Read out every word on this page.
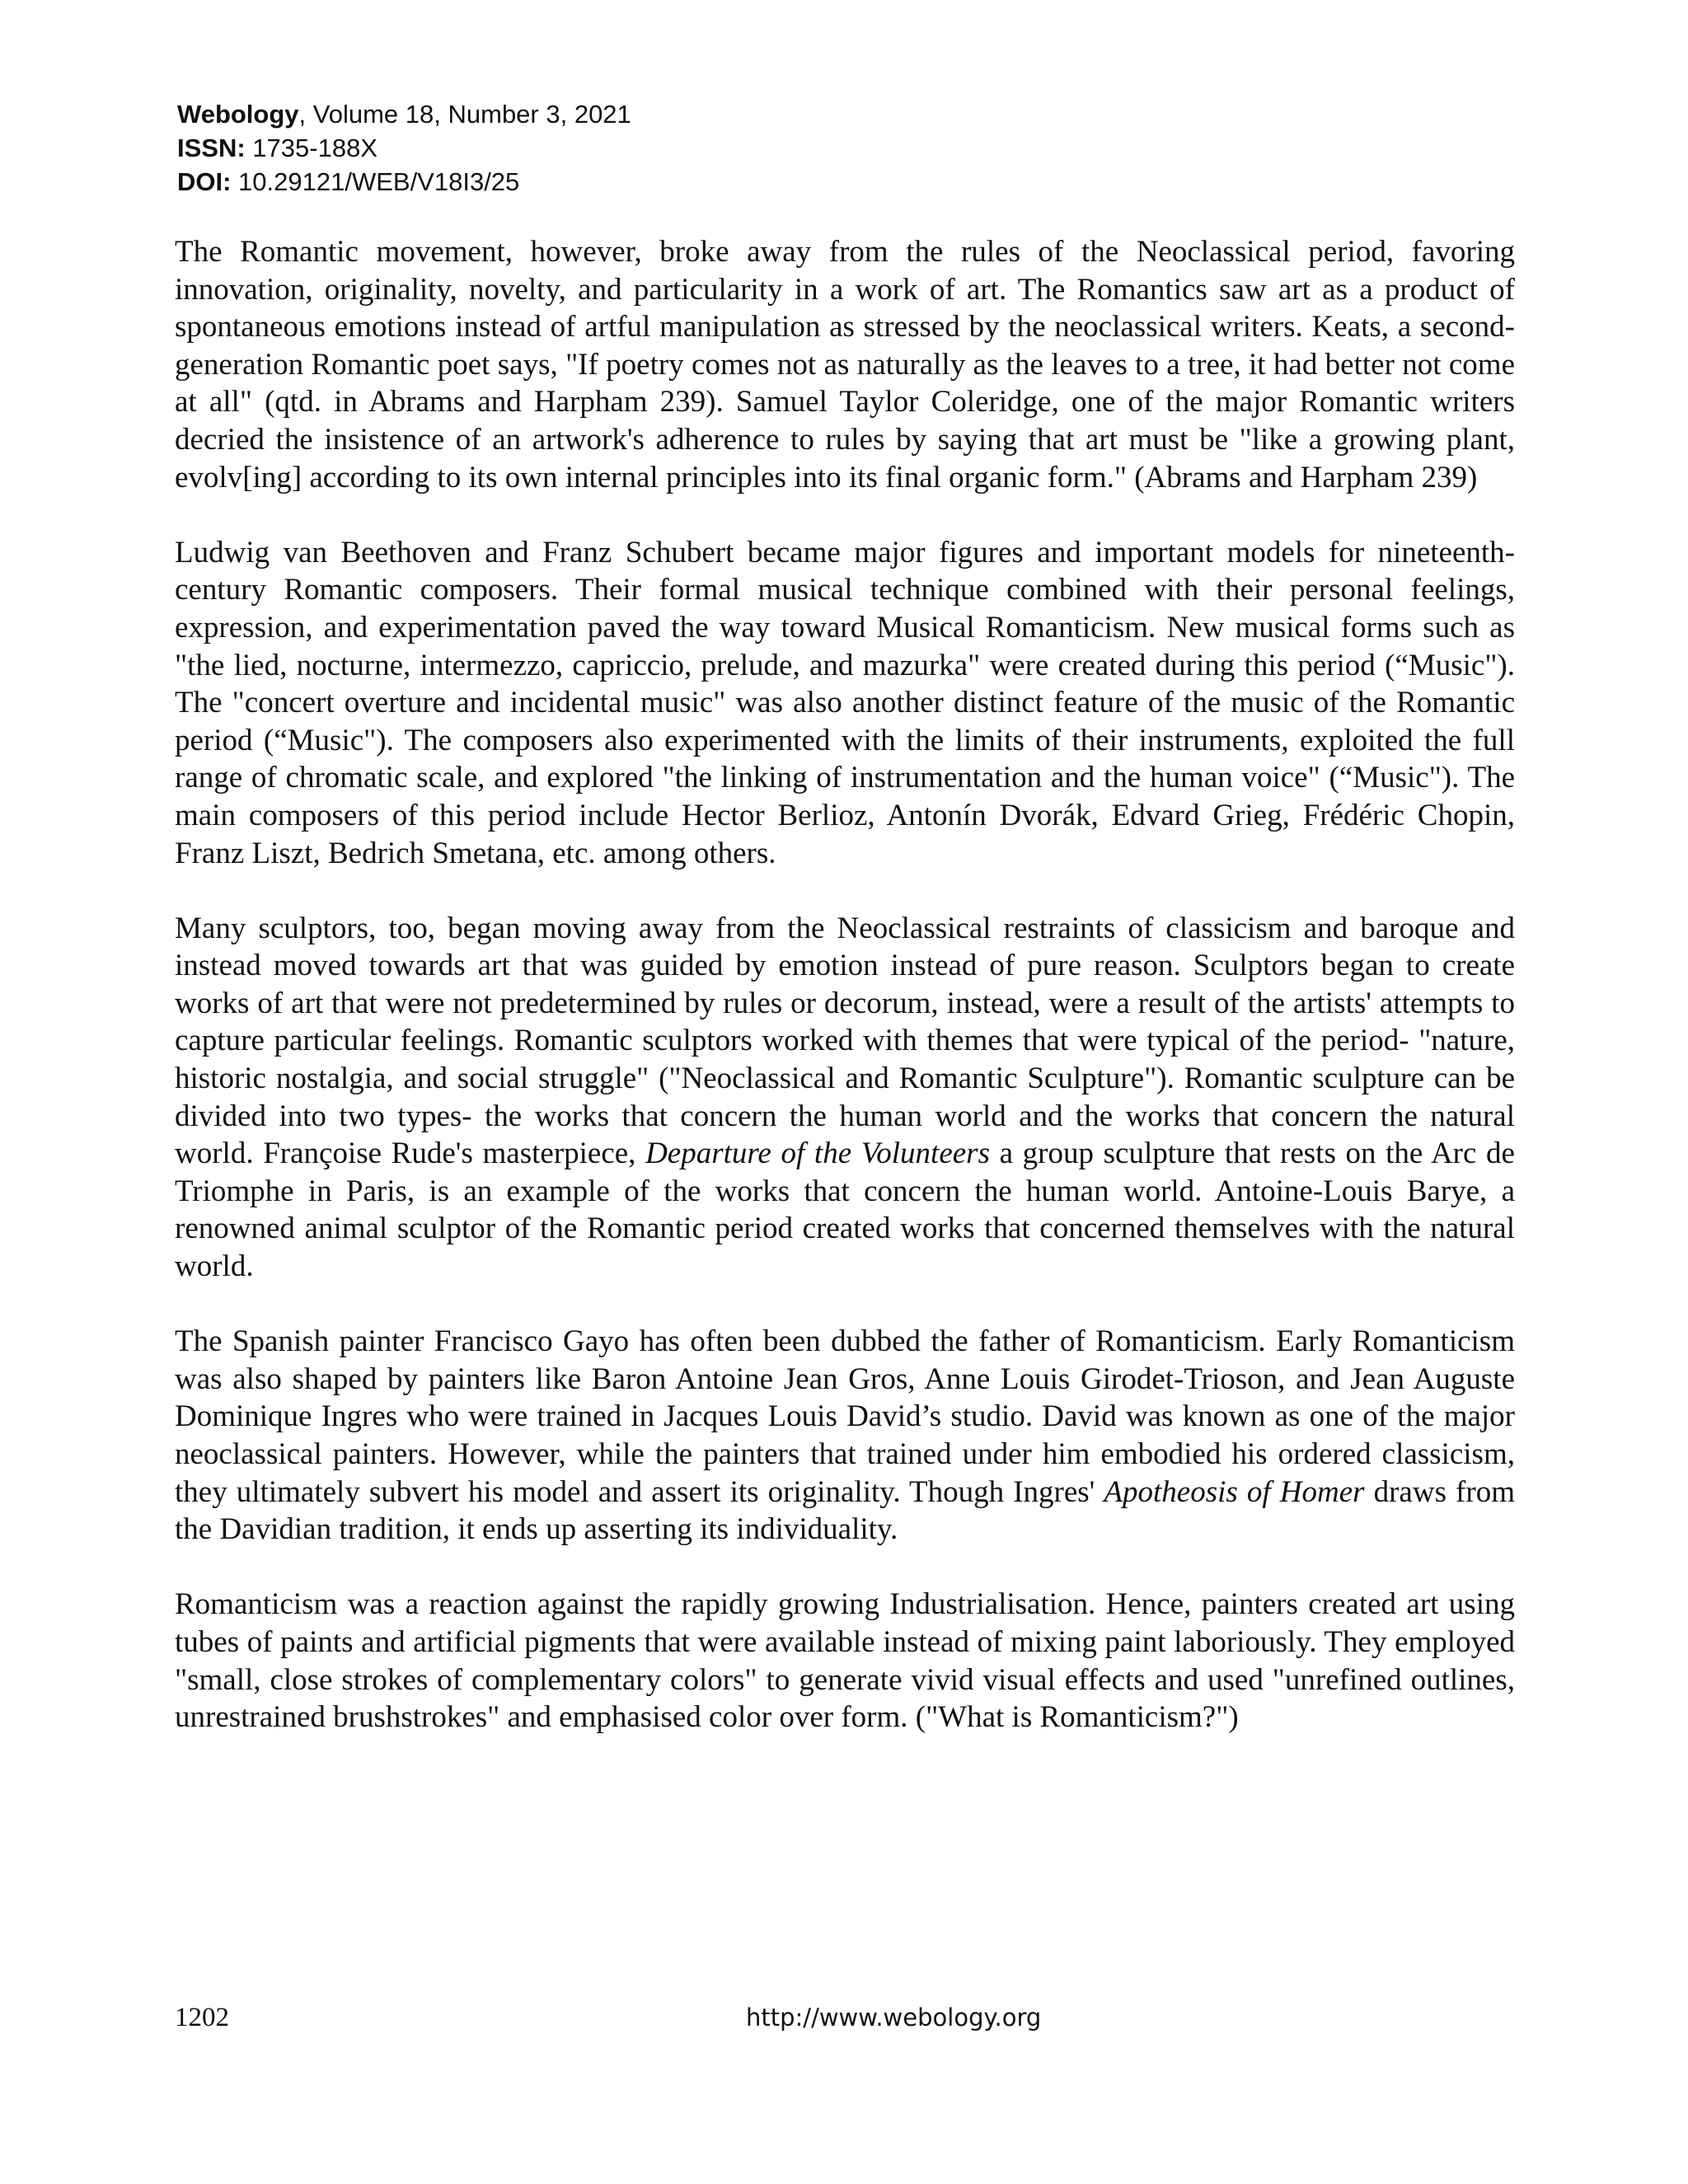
Webology, Volume 18, Number 3, 2021
ISSN: 1735-188X
DOI: 10.29121/WEB/V18I3/25

The Romantic movement, however, broke away from the rules of the Neoclassical period, favoring innovation, originality, novelty, and particularity in a work of art. The Romantics saw art as a product of spontaneous emotions instead of artful manipulation as stressed by the neoclassical writers. Keats, a second-generation Romantic poet says, "If poetry comes not as naturally as the leaves to a tree, it had better not come at all" (qtd. in Abrams and Harpham 239). Samuel Taylor Coleridge, one of the major Romantic writers decried the insistence of an artwork's adherence to rules by saying that art must be "like a growing plant, evolv[ing] according to its own internal principles into its final organic form." (Abrams and Harpham 239)

Ludwig van Beethoven and Franz Schubert became major figures and important models for nineteenth-century Romantic composers. Their formal musical technique combined with their personal feelings, expression, and experimentation paved the way toward Musical Romanticism. New musical forms such as "the lied, nocturne, intermezzo, capriccio, prelude, and mazurka" were created during this period (“Music"). The "concert overture and incidental music" was also another distinct feature of the music of the Romantic period (“Music"). The composers also experimented with the limits of their instruments, exploited the full range of chromatic scale, and explored "the linking of instrumentation and the human voice" (“Music"). The main composers of this period include Hector Berlioz, Antonín Dvorák, Edvard Grieg, Frédéric Chopin, Franz Liszt, Bedrich Smetana, etc. among others.

Many sculptors, too, began moving away from the Neoclassical restraints of classicism and baroque and instead moved towards art that was guided by emotion instead of pure reason. Sculptors began to create works of art that were not predetermined by rules or decorum, instead, were a result of the artists' attempts to capture particular feelings. Romantic sculptors worked with themes that were typical of the period- "nature, historic nostalgia, and social struggle" ("Neoclassical and Romantic Sculpture"). Romantic sculpture can be divided into two types- the works that concern the human world and the works that concern the natural world. Françoise Rude's masterpiece, Departure of the Volunteers a group sculpture that rests on the Arc de Triomphe in Paris, is an example of the works that concern the human world. Antoine-Louis Barye, a renowned animal sculptor of the Romantic period created works that concerned themselves with the natural world.

The Spanish painter Francisco Gayo has often been dubbed the father of Romanticism. Early Romanticism was also shaped by painters like Baron Antoine Jean Gros, Anne Louis Girodet-Trioson, and Jean Auguste Dominique Ingres who were trained in Jacques Louis David’s studio. David was known as one of the major neoclassical painters. However, while the painters that trained under him embodied his ordered classicism, they ultimately subvert his model and assert its originality. Though Ingres' Apotheosis of Homer draws from the Davidian tradition, it ends up asserting its individuality.

Romanticism was a reaction against the rapidly growing Industrialisation. Hence, painters created art using tubes of paints and artificial pigments that were available instead of mixing paint laboriously. They employed "small, close strokes of complementary colors" to generate vivid visual effects and used "unrefined outlines, unrestrained brushstrokes" and emphasised color over form. ("What is Romanticism?")

1202	http://www.webology.org
